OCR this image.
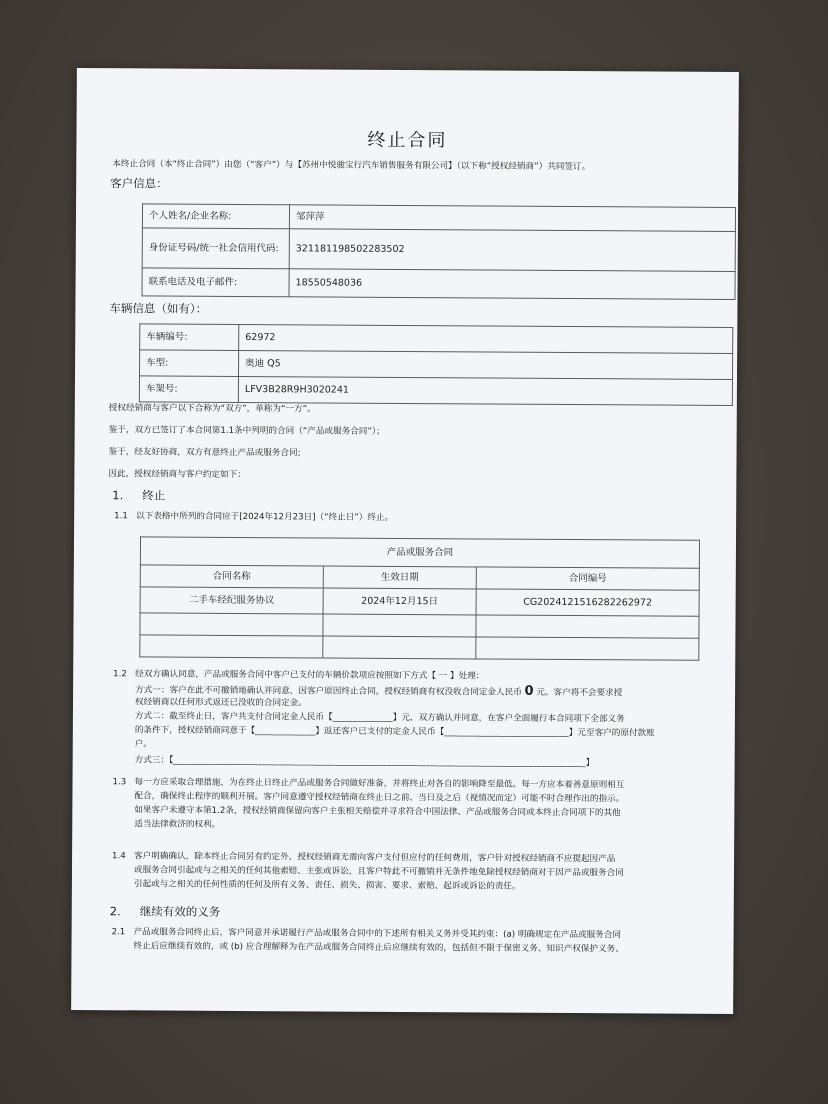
终止合同
本终止合同（本“终止合同”）由您（“客户”）与【苏州中悦骏宝行汽车销售服务有限公司】（以下称“授权经销商”）共同签订。
客户信息：
个人姓名/企业名称:	邹萍萍
身份证号码/统一社会信用代码:	321181198502283502
联系电话及电子邮件:	18550548036
车辆信息（如有）：
车辆编号:	62972
车型:	奥迪 Q5
车架号:	LFV3B28R9H3020241
授权经销商与客户以下合称为“双方”，单称为“一方”。
鉴于，双方已签订了本合同第1.1条中列明的合同（“产品或服务合同”）；
鉴于，经友好协商，双方有意终止产品或服务合同;
因此，授权经销商与客户约定如下：
1. 终止
1.1 以下表格中所列的合同应于[2024年12月23日]（“终止日”）终止。
产品或服务合同		
合同名称	生效日期	合同编号
二手车经纪服务协议	2024年12月15日	CG2024121516282262972

1.2 经双方确认同意，产品或服务合同中客户已支付的车辆价款项应按照如下方式【 一 】处理：
方式一：客户在此不可撤销地确认并同意，因客户原因终止合同，授权经销商有权没收合同定金人民币 0 元。客户将不会要求授
权经销商以任何形式返还已没收的合同定金。
方式二：截至终止日，客户共支付合同定金人民币【______________】元，双方确认并同意，在客户全面履行本合同项下全部义务
的条件下，授权经销商同意于【______________】返还客户已支付的定金人民币【_____________________________】元至客户的原付款账
户。
方式三：【________________________________________________________________________________________________】
1.3 每一方应采取合理措施，为在终止日终止产品或服务合同做好准备，并将终止对各自的影响降至最低。每一方应本着善意原则相互
配合，确保终止程序的顺利开展。客户同意遵守授权经销商在终止日之前、当日及之后（视情况而定）可能不时合理作出的指示。
如果客户未遵守本第1.2条，授权经销商保留向客户主张相关赔偿并寻求符合中国法律、产品或服务合同或本终止合同项下的其他
适当法律救济的权利。
1.4 客户明确确认，除本终止合同另有约定外，授权经销商无需向客户支付但应付的任何费用，客户针对授权经销商不应提起因产品
或服务合同引起或与之相关的任何其他索赔、主张或诉讼，且客户特此不可撤销并无条件地免除授权经销商对于因产品或服务合同
引起或与之相关的任何性质的任何及所有义务、责任、损失、损害、要求、索赔、起诉或诉讼的责任。
2. 继续有效的义务
2.1 产品或服务合同终止后，客户同意并承诺履行产品或服务合同中的下述所有相关义务并受其约束：(a) 明确规定在产品或服务合同
终止后应继续有效的，或 (b) 应合理解释为在产品或服务合同终止后应继续有效的，包括但不限于保密义务、知识产权保护义务、
